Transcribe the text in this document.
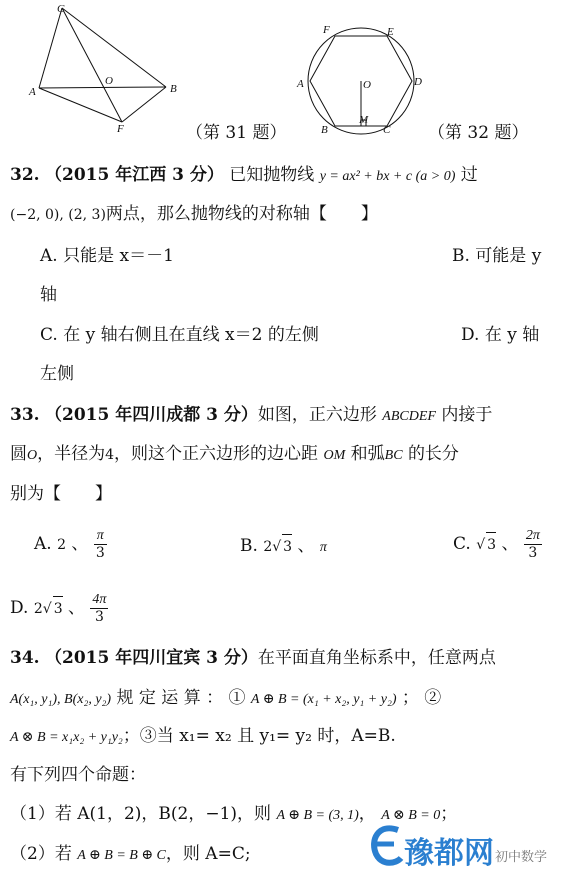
C
A
O
B
F	（第 31 题）
F	E
A	O	D
B
M
C （第 32 题）
32. （2015 年江西 3 分） 已知抛物线 y = ax² + bx + c (a > 0) 过
(−2, 0), (2, 3)两点，那么抛物线的对称轴【　　】
A. 只能是 x＝－1	B. 可能是 y
轴
C. 在 y 轴右侧且在直线 x＝2 的左侧	D. 在 y 轴
左侧
33. （2015 年四川成都 3 分）如图，正六边形 ABCDEF 内接于
圆O，半径为4，则这个正六边形的边心距 OM 和弧BC 的长分
别为【　　】
A. 2 、 $\frac{\pi}{3}$	B. 2√ 3 、 π	C. √ 3 、 $\frac{2\pi}{3}$
D. 2√ 3 、 $\frac{4\pi}{3}$
34. （2015 年四川宜宾 3 分）在平面直角坐标系中，任意两点
A(x₁, y₁), B(x₂, y₂) 规 定 运 算 ： ① A ⊕ B = (x₁ + x₂, y₁ + y₂) ； ②
A ⊗ B = x₁x₂ + y₁y₂；③当 x₁= x₂ 且 y₁= y₂ 时，A=B.
有下列四个命题：
（1）若 A(1，2)，B(2，−1)，则 A ⊕ B = (3, 1)， A ⊗ B = 0；
（2）若 A ⊕ B = B ⊕ C，则 A=C;	豫都网 初中数学
